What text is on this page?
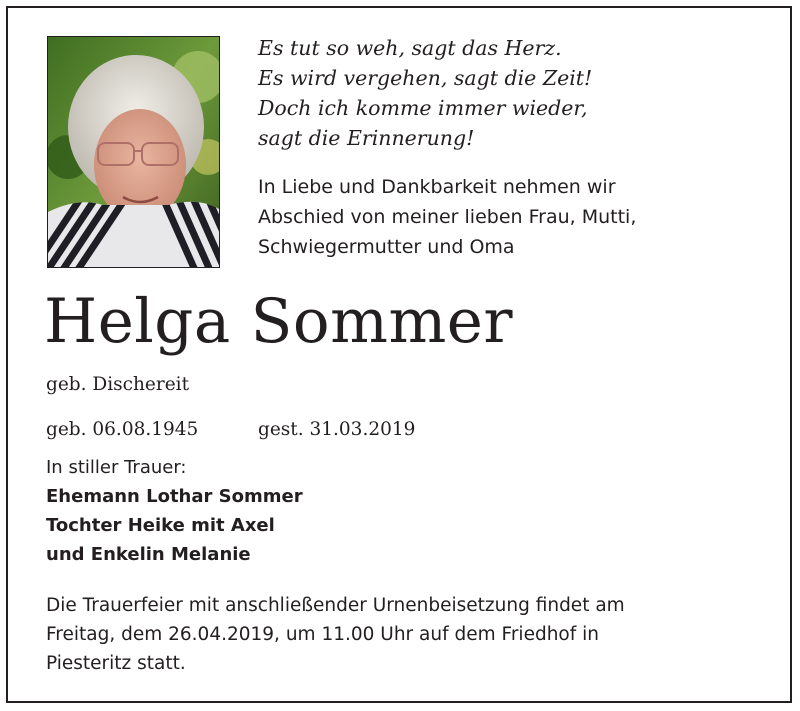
Es tut so weh, sagt das Herz.
Es wird vergehen, sagt die Zeit!
Doch ich komme immer wieder,
sagt die Erinnerung!
In Liebe und Dankbarkeit nehmen wir
Abschied von meiner lieben Frau, Mutti,
Schwiegermutter und Oma
Helga Sommer
geb. Dischereit
geb. 06.08.1945	gest. 31.03.2019
In stiller Trauer:
Ehemann Lothar Sommer
Tochter Heike mit Axel
und Enkelin Melanie
Die Trauerfeier mit anschließender Urnenbeisetzung findet am
Freitag, dem 26.04.2019, um 11.00 Uhr auf dem Friedhof in
Piesteritz statt.
